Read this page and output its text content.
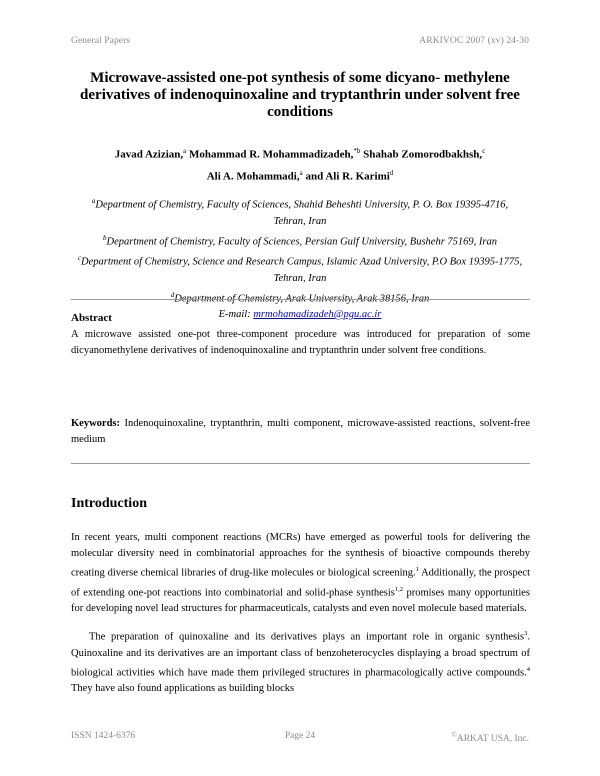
General Papers	ARKIVOC 2007 (xv) 24-30
Microwave-assisted one-pot synthesis of some dicyano- methylene derivatives of indenoquinoxaline and tryptanthrin under solvent free conditions
Javad Azizian,$^a$ Mohammad R. Mohammadizadeh,$^{*b}$ Shahab Zomorodbakhsh,$^c$
Ali A. Mohammadi,$^a$ and Ali R. Karimi$^d$
$^a$Department of Chemistry, Faculty of Sciences, Shahid Beheshti University, P. O. Box 19395-4716, Tehran, Iran
$^b$Department of Chemistry, Faculty of Sciences, Persian Gulf University, Bushehr 75169, Iran
$^c$Department of Chemistry, Science and Research Campus, Islamic Azad University, P.O Box 19395-1775, Tehran, Iran
$^d$Department of Chemistry, Arak University, Arak 38156, Iran
E-mail: mrmohamadizadeh@pgu.ac.ir
Abstract
A microwave assisted one-pot three-component procedure was introduced for preparation of some dicyanomethylene derivatives of indenoquinoxaline and tryptanthrin under solvent free conditions.
Keywords: Indenoquinoxaline, tryptanthrin, multi component, microwave-assisted reactions, solvent-free medium
Introduction
In recent years, multi component reactions (MCRs) have emerged as powerful tools for delivering the molecular diversity need in combinatorial approaches for the synthesis of bioactive compounds thereby creating diverse chemical libraries of drug-like molecules or biological screening.$^1$ Additionally, the prospect of extending one-pot reactions into combinatorial and solid-phase synthesis$^{1,2}$ promises many opportunities for developing novel lead structures for pharmaceuticals, catalysts and even novel molecule based materials.
The preparation of quinoxaline and its derivatives plays an important role in organic synthesis$^3$. Quinoxaline and its derivatives are an important class of benzoheterocycles displaying a broad spectrum of biological activities which have made them privileged structures in pharmacologically active compounds.$^4$ They have also found applications as building blocks
ISSN 1424-6376	Page 24	©ARKAT USA, Inc.
